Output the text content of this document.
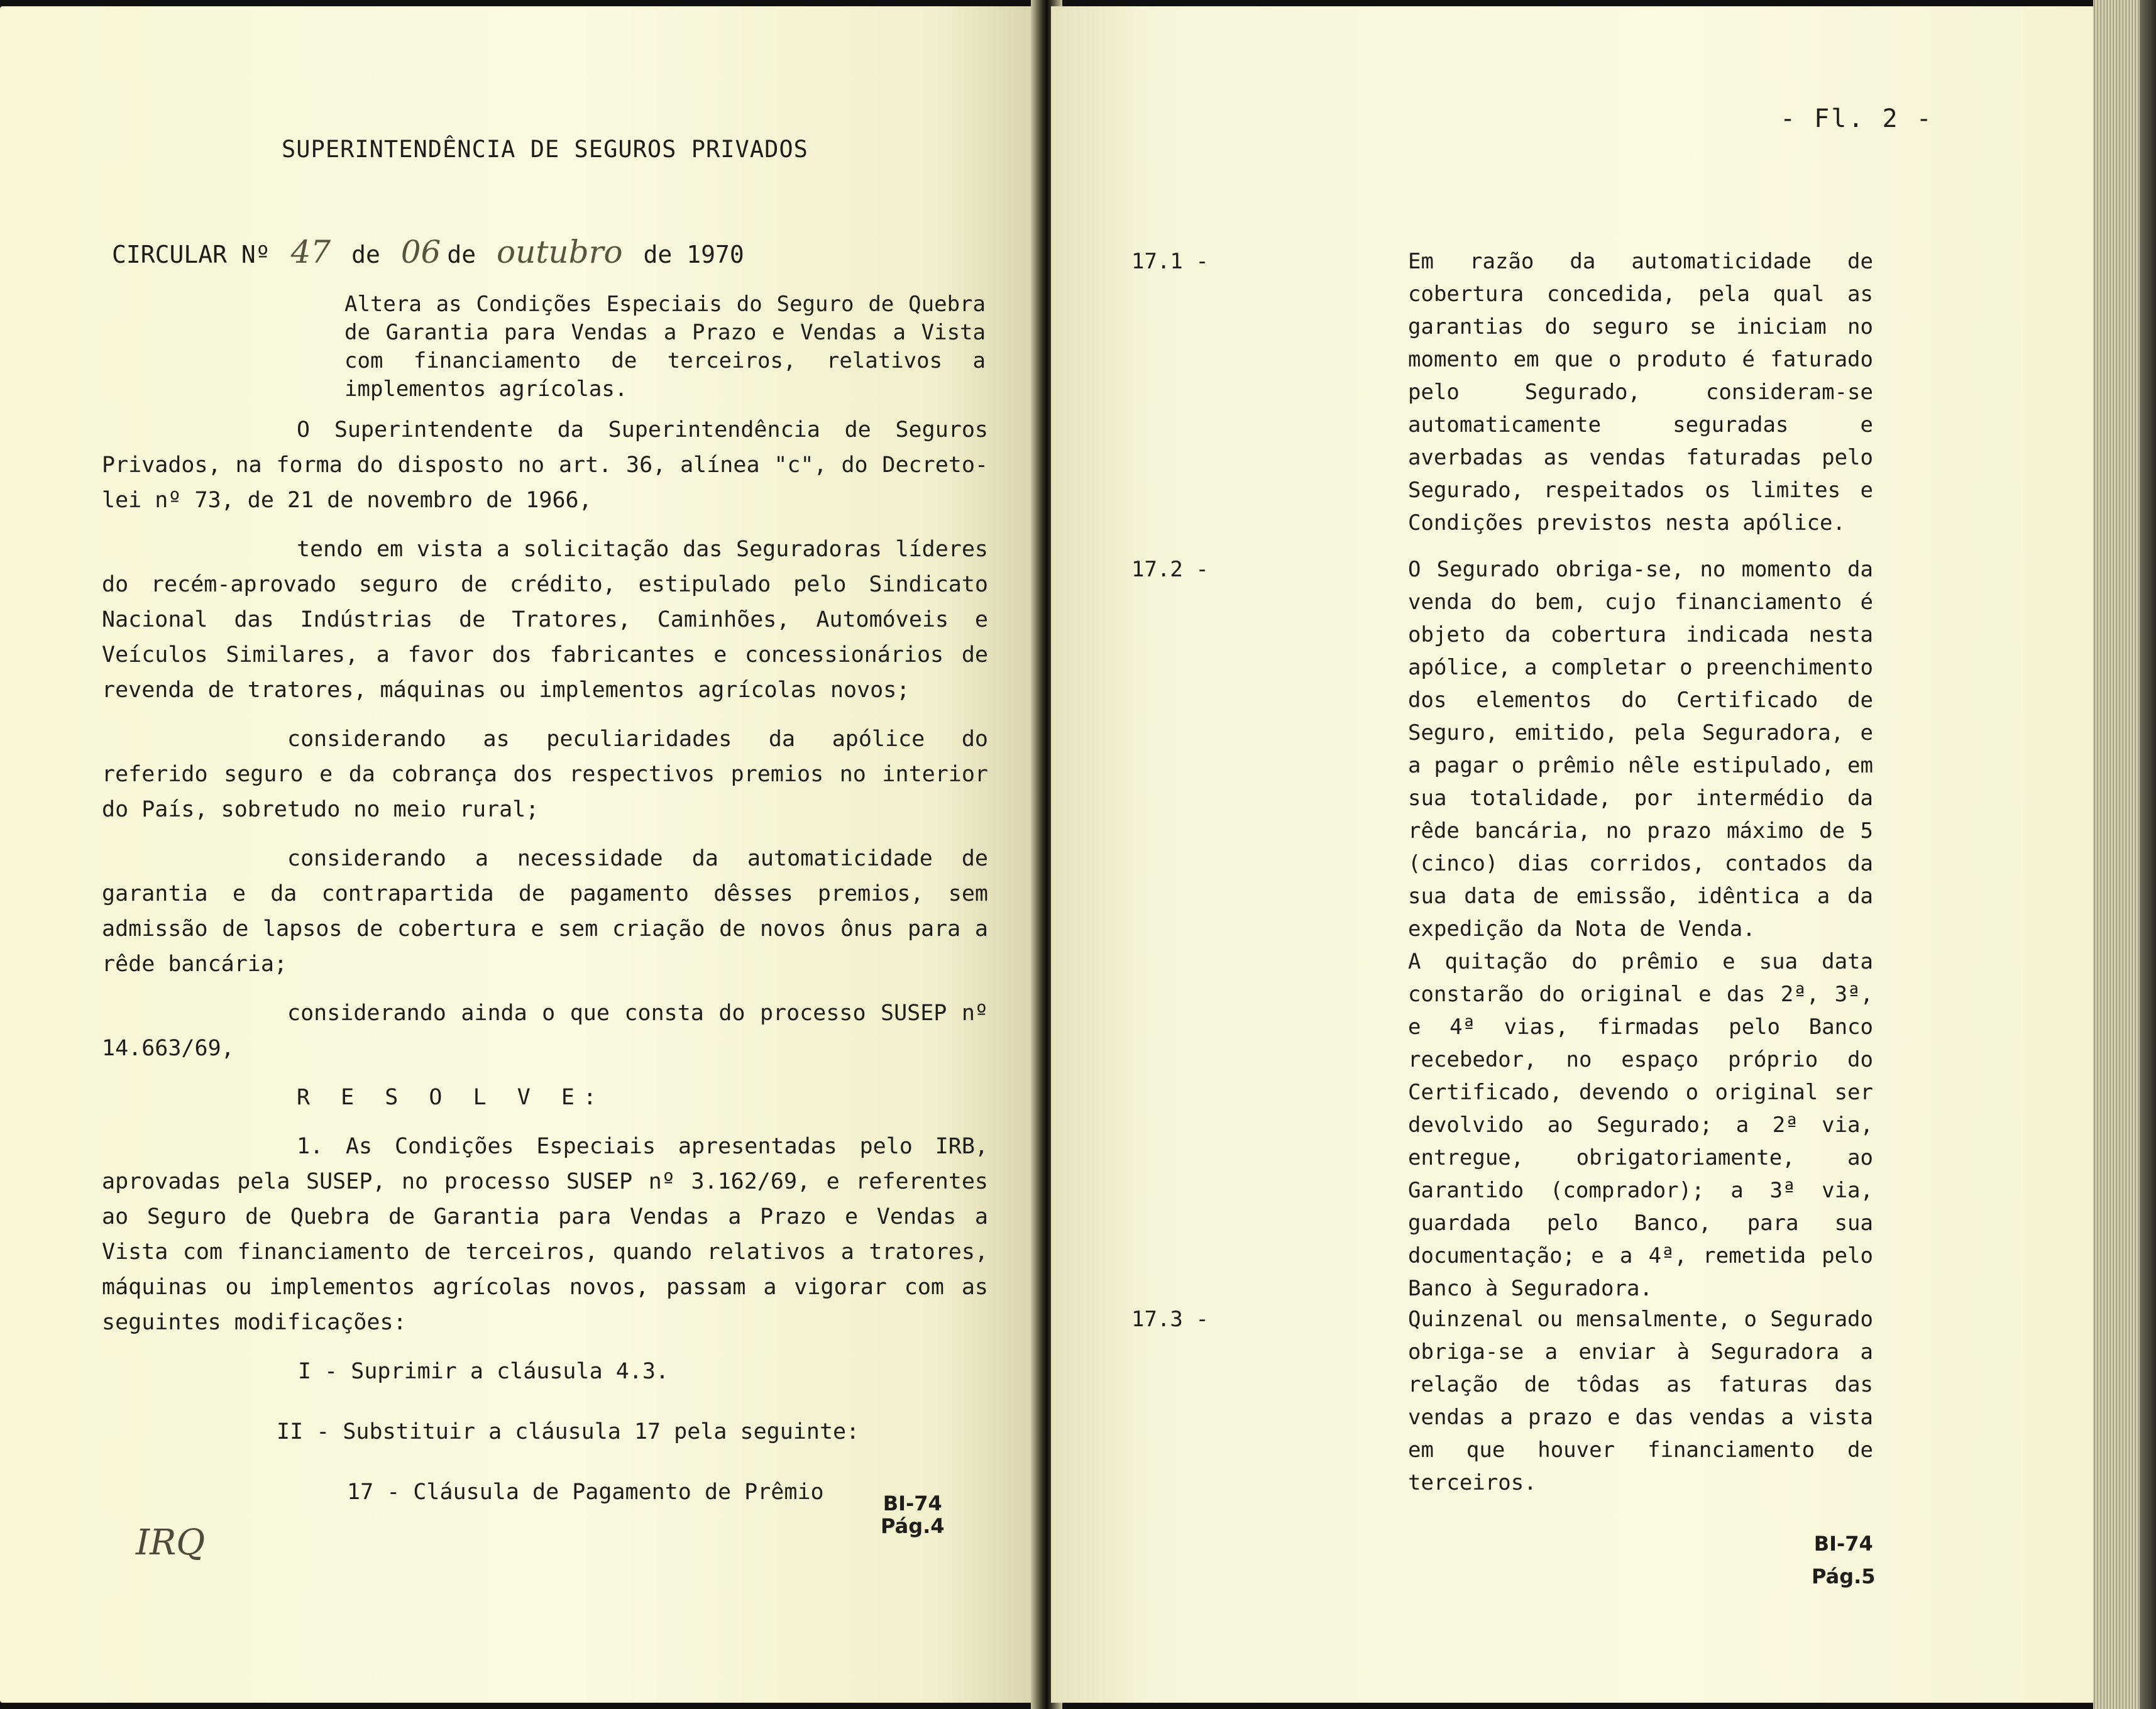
SUPERINTENDÊNCIA DE SEGUROS PRIVADOS
CIRCULAR Nº 47 de 06 de outubro de 1970
Altera as Condições Especiais do Seguro de Quebra de Garantia para Vendas a Prazo e Vendas a Vista com financiamento de terceiros, relativos a implementos agrícolas.

O Superintendente da Superintendência de Seguros Privados, na forma do disposto no art. 36, alínea "c", do Decreto-lei nº 73, de 21 de novembro de 1966,

tendo em vista a solicitação das Seguradoras líderes do recém-aprovado seguro de crédito, estipulado pelo Sindicato Nacional das Indústrias de Tratores, Caminhões, Automóveis e Veículos Similares, a favor dos fabricantes e concessionários de revenda de tratores, máquinas ou implementos agrícolas novos;

considerando as peculiaridades da apólice do referido seguro e da cobrança dos respectivos premios no interior do País, sobretudo no meio rural;

considerando a necessidade da automaticidade de garantia e da contrapartida de pagamento dêsses premios, sem admissão de lapsos de cobertura e sem criação de novos ônus para a rêde bancária;

considerando ainda o que consta do processo SUSEP nº 14.663/69,

R E S O L V E:

1. As Condições Especiais apresentadas pelo IRB, aprovadas pela SUSEP, no processo SUSEP nº 3.162/69, e referentes ao Seguro de Quebra de Garantia para Vendas a Prazo e Vendas a Vista com financiamento de terceiros, quando relativos a tratores, máquinas ou implementos agrícolas novos, passam a vigorar com as seguintes modificações:

I - Suprimir a cláusula 4.3.
II - Substituir a cláusula 17 pela seguinte:
17 - Cláusula de Pagamento de Prêmio
IRQ
BI-74
Pág.4
- Fl. 2 -
17.1 -	Em razão da automaticidade de cobertura concedida, pela qual as garantias do seguro se iniciam no momento em que o produto é faturado pelo Segurado, consideram-se automaticamente seguradas e averbadas as vendas faturadas pelo Segurado, respeitados os limites e Condições previstos nesta apólice.

17.2 -	O Segurado obriga-se, no momento da venda do bem, cujo financiamento é objeto da cobertura indicada nesta apólice, a completar o preenchimento dos elementos do Certificado de Seguro, emitido, pela Seguradora, e a pagar o prêmio nêle estipulado, em sua totalidade, por intermédio da rêde bancária, no prazo máximo de 5 (cinco) dias corridos, contados da sua data de emissão, idêntica a da expedição da Nota de Venda.

A quitação do prêmio e sua data constarão do original e das 2ª, 3ª, e 4ª vias, firmadas pelo Banco recebedor, no espaço próprio do Certificado, devendo o original ser devolvido ao Segurado; a 2ª via, entregue, obrigatoriamente, ao Garantido (comprador); a 3ª via, guardada pelo Banco, para sua documentação; e a 4ª, remetida pelo Banco à Seguradora.

17.3 -	Quinzenal ou mensalmente, o Segurado obriga-se a enviar à Seguradora a relação de tôdas as faturas das vendas a prazo e das vendas a vista em que houver financiamento de terceiros.

BI-74
Pág.5
